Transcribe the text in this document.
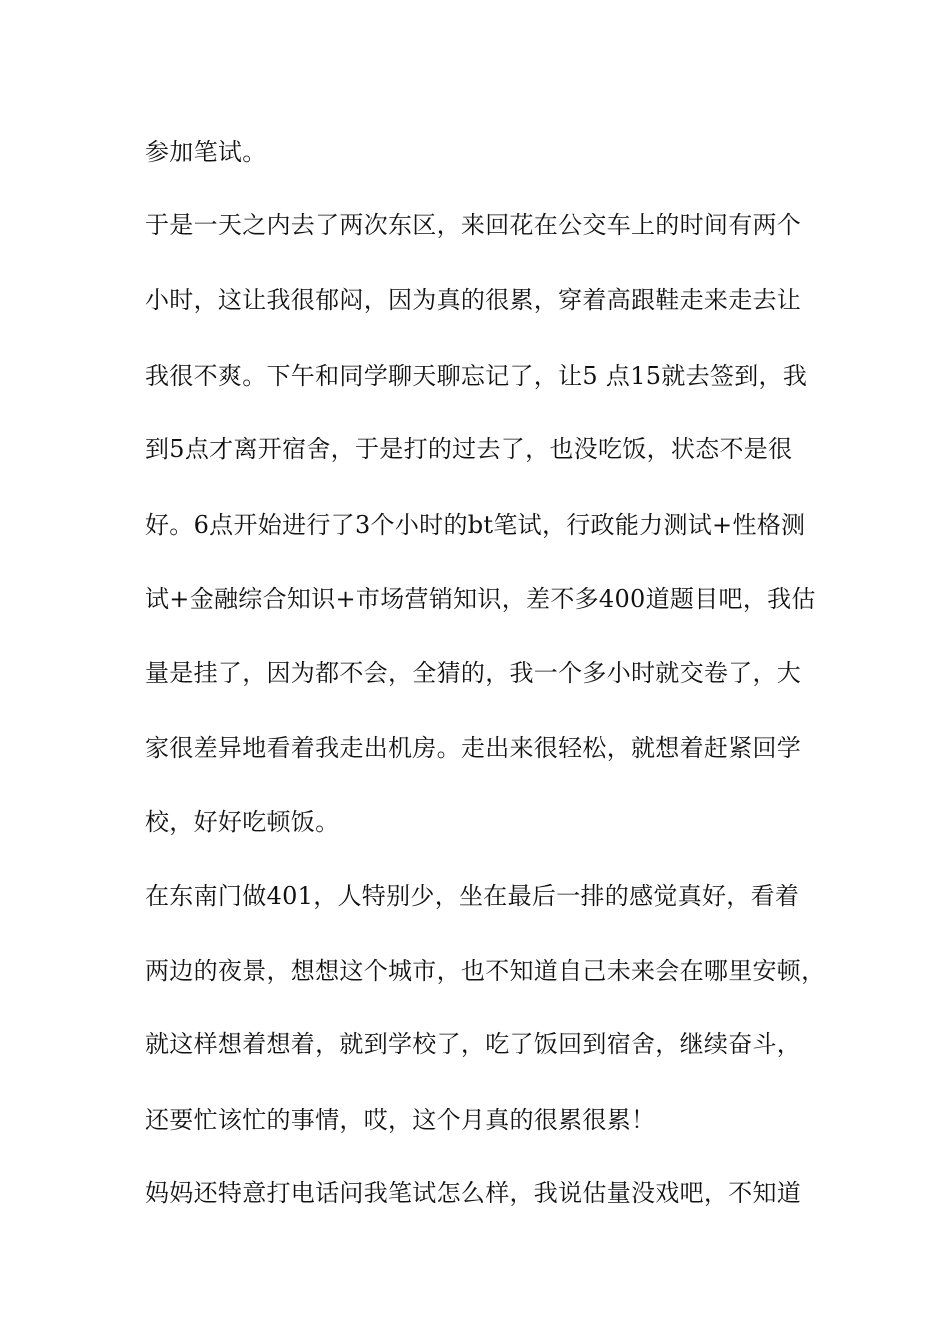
参加笔试。
于是一天之内去了两次东区，来回花在公交车上的时间有两个
小时，这让我很郁闷，因为真的很累，穿着高跟鞋走来走去让
我很不爽。下午和同学聊天聊忘记了，让5 点15就去签到，我
到5点才离开宿舍，于是打的过去了，也没吃饭，状态不是很
好。6点开始进行了3个小时的bt笔试，行政能力测试+性格测
试+金融综合知识+市场营销知识，差不多400道题目吧，我估
量是挂了，因为都不会，全猜的，我一个多小时就交卷了，大
家很差异地看着我走出机房。走出来很轻松，就想着赶紧回学
校，好好吃顿饭。
在东南门做401，人特别少，坐在最后一排的感觉真好，看着
两边的夜景，想想这个城市，也不知道自己未来会在哪里安顿，
就这样想着想着，就到学校了，吃了饭回到宿舍，继续奋斗，
还要忙该忙的事情，哎，这个月真的很累很累！
妈妈还特意打电话问我笔试怎么样，我说估量没戏吧，不知道
